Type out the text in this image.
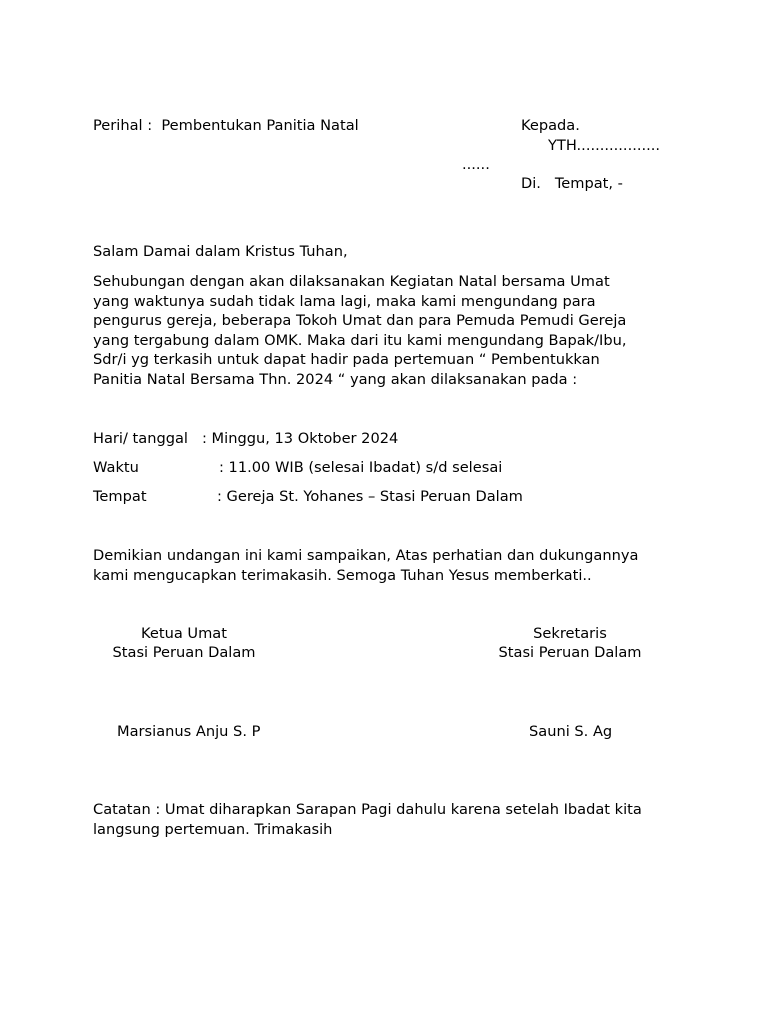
Perihal :  Pembentukan Panitia Natal	Kepada.
YTH..................
......
Di.   Tempat, -
Salam Damai dalam Kristus Tuhan,
Sehubungan dengan akan dilaksanakan Kegiatan Natal bersama Umat
yang waktunya sudah tidak lama lagi, maka kami mengundang para
pengurus gereja, beberapa Tokoh Umat dan para Pemuda Pemudi Gereja
yang tergabung dalam OMK. Maka dari itu kami mengundang Bapak/Ibu,
Sdr/i yg terkasih untuk dapat hadir pada pertemuan “ Pembentukkan
Panitia Natal Bersama Thn. 2024 “ yang akan dilaksanakan pada :
Hari/ tanggal : Minggu, 13 Oktober 2024
Waktu	: 11.00 WIB (selesai Ibadat) s/d selesai
Tempat	: Gereja St. Yohanes – Stasi Peruan Dalam
Demikian undangan ini kami sampaikan, Atas perhatian dan dukungannya
kami mengucapkan terimakasih. Semoga Tuhan Yesus memberkati..
Ketua Umat
Stasi Peruan Dalam
Marsianus Anju S. P
Sekretaris
Stasi Peruan Dalam
Sauni S. Ag
Catatan : Umat diharapkan Sarapan Pagi dahulu karena setelah Ibadat kita
langsung pertemuan. Trimakasih
